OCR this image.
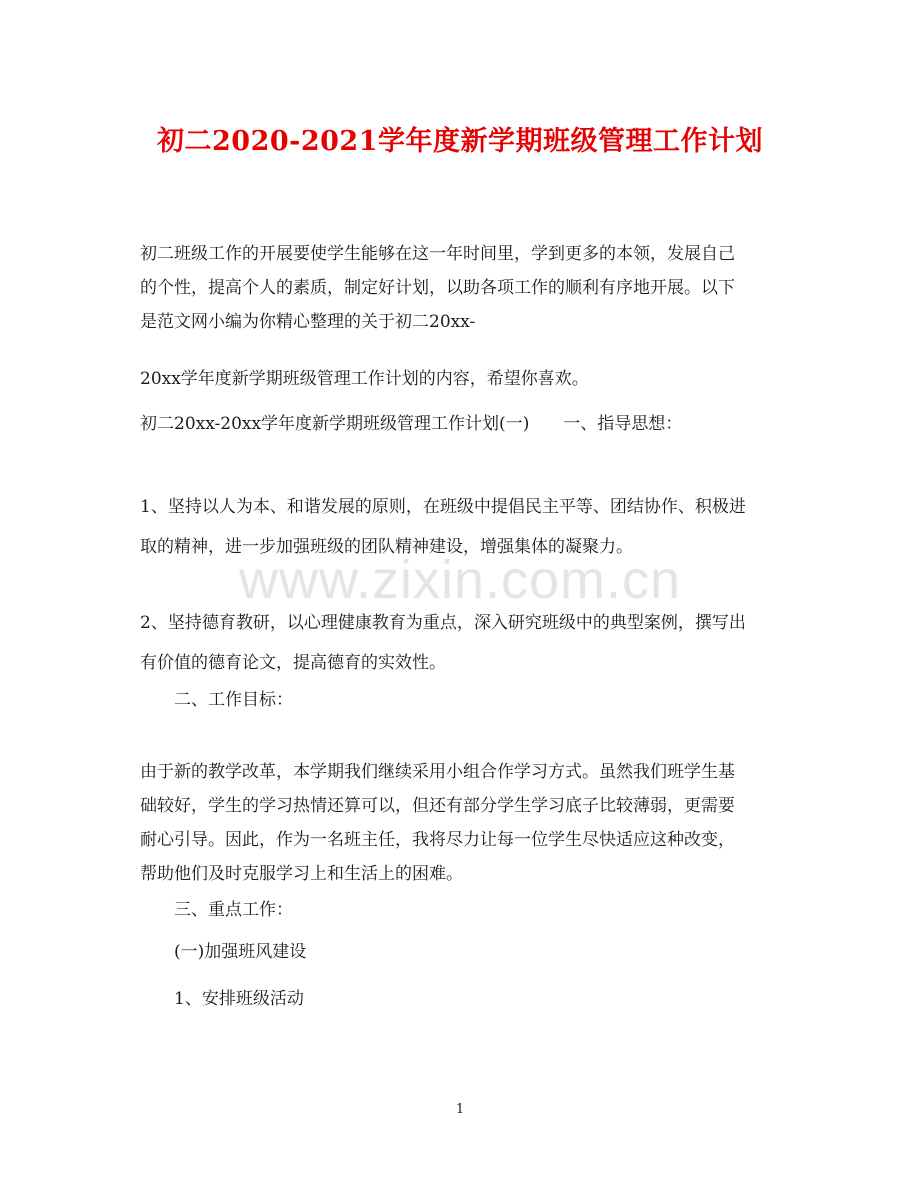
初二2020-2021学年度新学期班级管理工作计划
初二班级工作的开展要使学生能够在这一年时间里，学到更多的本领，发展自己
的个性，提高个人的素质，制定好计划，以助各项工作的顺利有序地开展。以下
是范文网小编为你精心整理的关于初二20xx-
20xx学年度新学期班级管理工作计划的内容，希望你喜欢。
初二20xx-20xx学年度新学期班级管理工作计划(一)　　一、指导思想：
1、坚持以人为本、和谐发展的原则，在班级中提倡民主平等、团结协作、积极进
取的精神，进一步加强班级的团队精神建设，增强集体的凝聚力。
2、坚持德育教研，以心理健康教育为重点，深入研究班级中的典型案例，撰写出
有价值的德育论文，提高德育的实效性。
　　二、工作目标：
由于新的教学改革，本学期我们继续采用小组合作学习方式。虽然我们班学生基
础较好，学生的学习热情还算可以，但还有部分学生学习底子比较薄弱，更需要
耐心引导。因此，作为一名班主任，我将尽力让每一位学生尽快适应这种改变，
帮助他们及时克服学习上和生活上的困难。
　　三、重点工作：
　　(一)加强班风建设
　　1、安排班级活动
www.zixin.com.cn
1
